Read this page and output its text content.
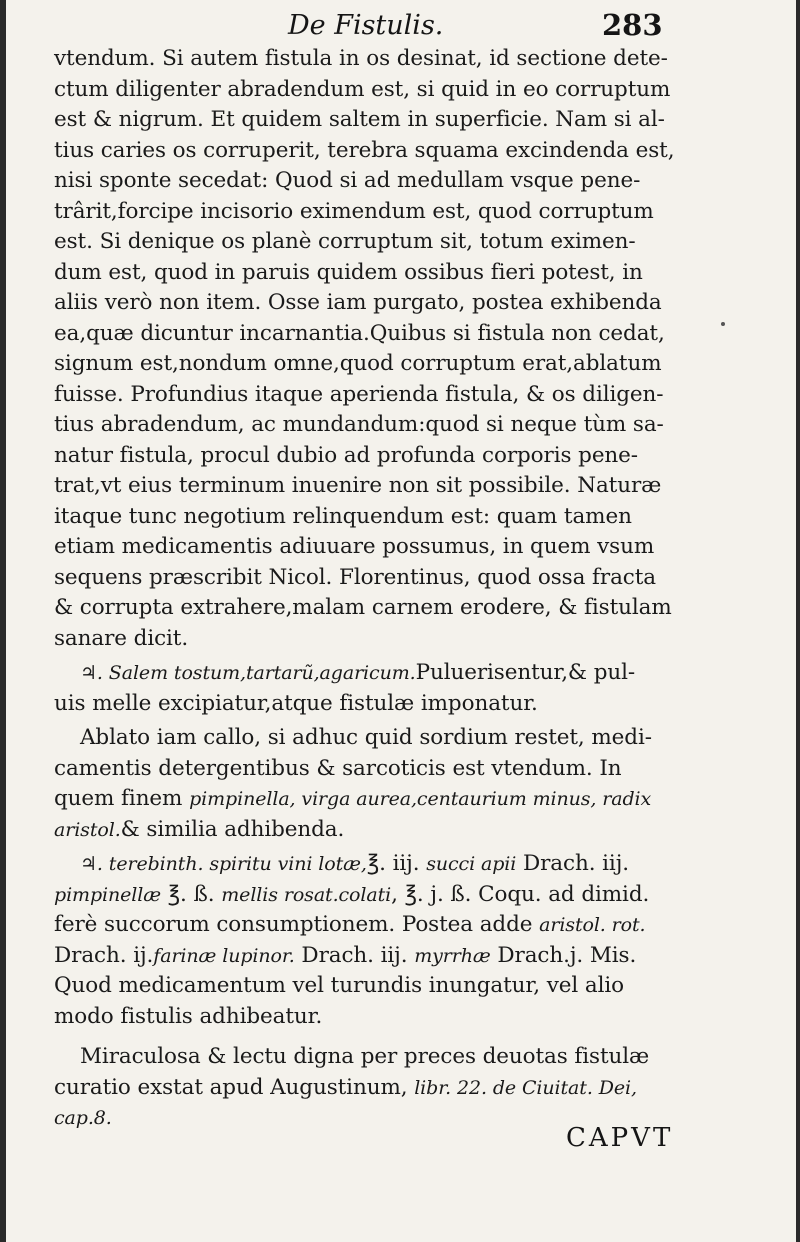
De Fistulis.	283
vtendum. Si autem fistula in os desinat, id sectione dete-
ctum diligenter abradendum est, si quid in eo corruptum
est & nigrum. Et quidem saltem in superficie. Nam si al-
tius caries os corruperit, terebra squama excindenda est,
nisi sponte secedat: Quod si ad medullam vsque pene-
trârit,forcipe incisorio eximendum est, quod corruptum
est. Si denique os planè corruptum sit, totum eximen-
dum est, quod in paruis quidem ossibus fieri potest, in
aliis verò non item. Osse iam purgato, postea exhibenda
ea,quæ dicuntur incarnantia.Quibus si fistula non cedat,
signum est,nondum omne,quod corruptum erat,ablatum
fuisse. Profundius itaque aperienda fistula, & os diligen-
tius abradendum, ac mundandum:quod si neque tùm sa-
natur fistula, procul dubio ad profunda corporis pene-
trat,vt eius terminum inuenire non sit possibile. Naturæ
itaque tunc negotium relinquendum est: quam tamen
etiam medicamentis adiuuare possumus, in quem vsum
sequens præscribit Nicol. Florentinus, quod ossa fracta
& corrupta extrahere,malam carnem erodere, & fistulam
sanare dicit.
♃. Salem tostum,tartarũ,agaricum.Puluerisentur,& pul-
uis melle excipiatur,atque fistulæ imponatur.
Ablato iam callo, si adhuc quid sordium restet, medi-
camentis detergentibus & sarcoticis est vtendum. In
quem finem pimpinella, virga aurea,centaurium minus, radix
aristol.& similia adhibenda.
♃. terebinth. spiritu vini lotæ,℥. iij. succi apii Drach. iij.
pimpinellæ ℥. ß. mellis rosat.colati, ℥. j. ß. Coqu. ad dimid.
ferè succorum consumptionem. Postea adde aristol. rot.
Drach. ij.farinæ lupinor. Drach. iij. myrrhæ Drach.j. Mis.
Quod medicamentum vel turundis inungatur, vel alio
modo fistulis adhibeatur.
Miraculosa & lectu digna per preces deuotas fistulæ
curatio exstat apud Augustinum, libr. 22. de Ciuitat. Dei,
cap.8.
CAPVT
